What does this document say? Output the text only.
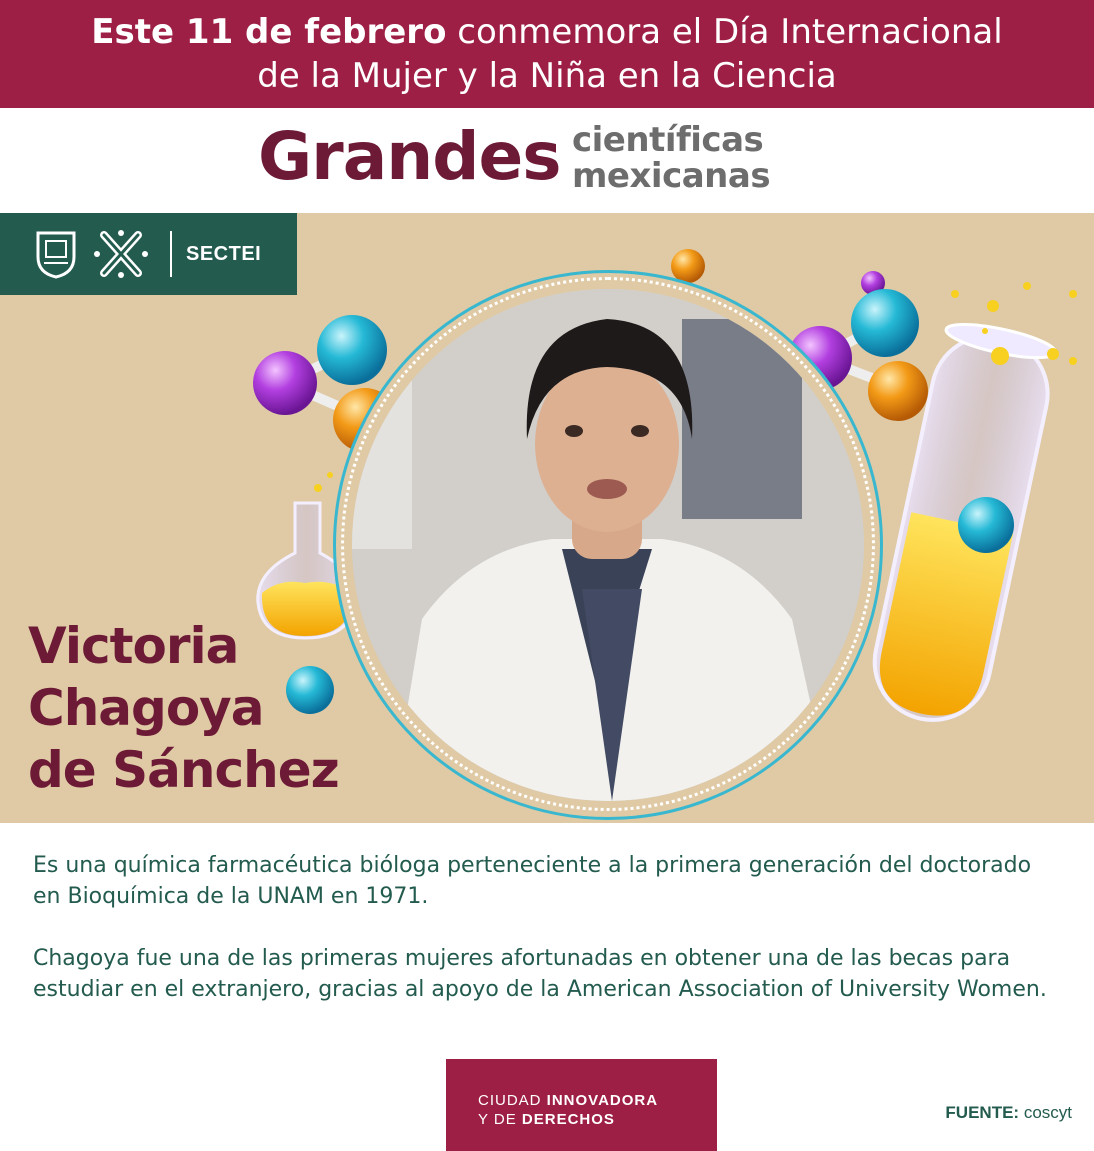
Este 11 de febrero conmemora el Día Internacional
de la Mujer y la Niña en la Ciencia
Grandes científicas
mexicanas
SECTEI
Victoria
Chagoya
de Sánchez

Es una química farmacéutica bióloga perteneciente a la primera generación del doctorado en Bioquímica de la UNAM en 1971.

Chagoya fue una de las primeras mujeres afortunadas en obtener una de las becas para estudiar en el extranjero, gracias al apoyo de la American Association of University Women.

CIUDAD INNOVADORA
Y DE DERECHOS	FUENTE: coscyt
